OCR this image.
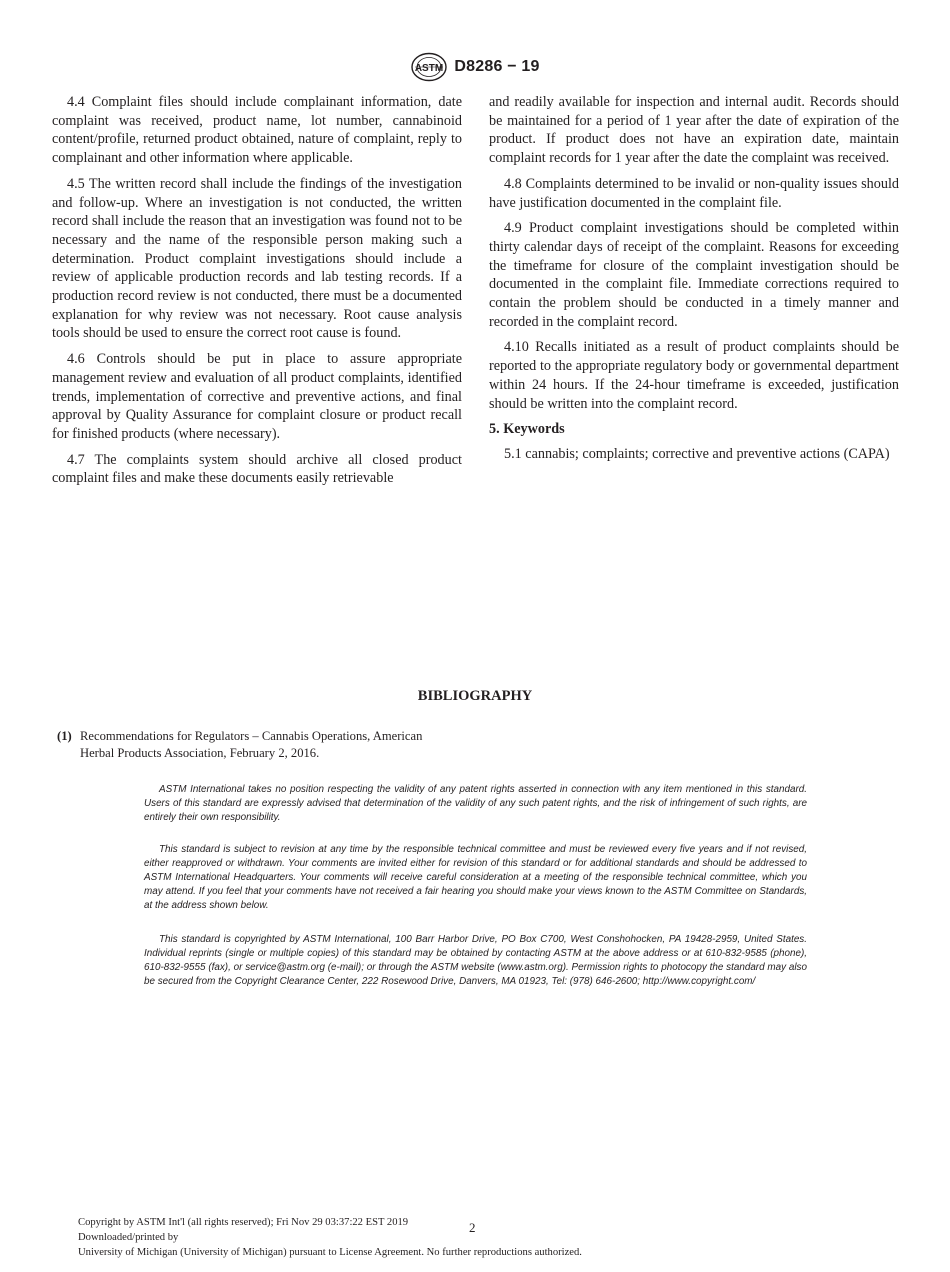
ASTM D8286 − 19

4.4 Complaint files should include complainant information, date complaint was received, product name, lot number, cannabinoid content/profile, returned product obtained, nature of complaint, reply to complainant and other information where applicable.

4.5 The written record shall include the findings of the investigation and follow-up. Where an investigation is not conducted, the written record shall include the reason that an investigation was found not to be necessary and the name of the responsible person making such a determination. Product complaint investigations should include a review of applicable production records and lab testing records. If a production record review is not conducted, there must be a documented explanation for why review was not necessary. Root cause analysis tools should be used to ensure the correct root cause is found.

4.6 Controls should be put in place to assure appropriate management review and evaluation of all product complaints, identified trends, implementation of corrective and preventive actions, and final approval by Quality Assurance for complaint closure or product recall for finished products (where necessary).

4.7 The complaints system should archive all closed product complaint files and make these documents easily retrievable

and readily available for inspection and internal audit. Records should be maintained for a period of 1 year after the date of expiration of the product. If product does not have an expiration date, maintain complaint records for 1 year after the date the complaint was received.

4.8 Complaints determined to be invalid or non-quality issues should have justification documented in the complaint file.

4.9 Product complaint investigations should be completed within thirty calendar days of receipt of the complaint. Reasons for exceeding the timeframe for closure of the complaint investigation should be documented in the complaint file. Immediate corrections required to contain the problem should be conducted in a timely manner and recorded in the complaint record.

4.10 Recalls initiated as a result of product complaints should be reported to the appropriate regulatory body or governmental department within 24 hours. If the 24-hour timeframe is exceeded, justification should be written into the complaint record.

5. Keywords

5.1 cannabis; complaints; corrective and preventive actions (CAPA)

BIBLIOGRAPHY
(1) Recommendations for Regulators – Cannabis Operations, American Herbal Products Association, February 2, 2016.

ASTM International takes no position respecting the validity of any patent rights asserted in connection with any item mentioned in this standard. Users of this standard are expressly advised that determination of the validity of any such patent rights, and the risk of infringement of such rights, are entirely their own responsibility.

This standard is subject to revision at any time by the responsible technical committee and must be reviewed every five years and if not revised, either reapproved or withdrawn. Your comments are invited either for revision of this standard or for additional standards and should be addressed to ASTM International Headquarters. Your comments will receive careful consideration at a meeting of the responsible technical committee, which you may attend. If you feel that your comments have not received a fair hearing you should make your views known to the ASTM Committee on Standards, at the address shown below.

This standard is copyrighted by ASTM International, 100 Barr Harbor Drive, PO Box C700, West Conshohocken, PA 19428-2959, United States. Individual reprints (single or multiple copies) of this standard may be obtained by contacting ASTM at the above address or at 610-832-9585 (phone), 610-832-9555 (fax), or service@astm.org (e-mail); or through the ASTM website (www.astm.org). Permission rights to photocopy the standard may also be secured from the Copyright Clearance Center, 222 Rosewood Drive, Danvers, MA 01923, Tel: (978) 646-2600; http://www.copyright.com/

Copyright by ASTM Int'l (all rights reserved); Fri Nov 29 03:37:22 EST 2019
Downloaded/printed by
University of Michigan (University of Michigan) pursuant to License Agreement. No further reproductions authorized.
2
